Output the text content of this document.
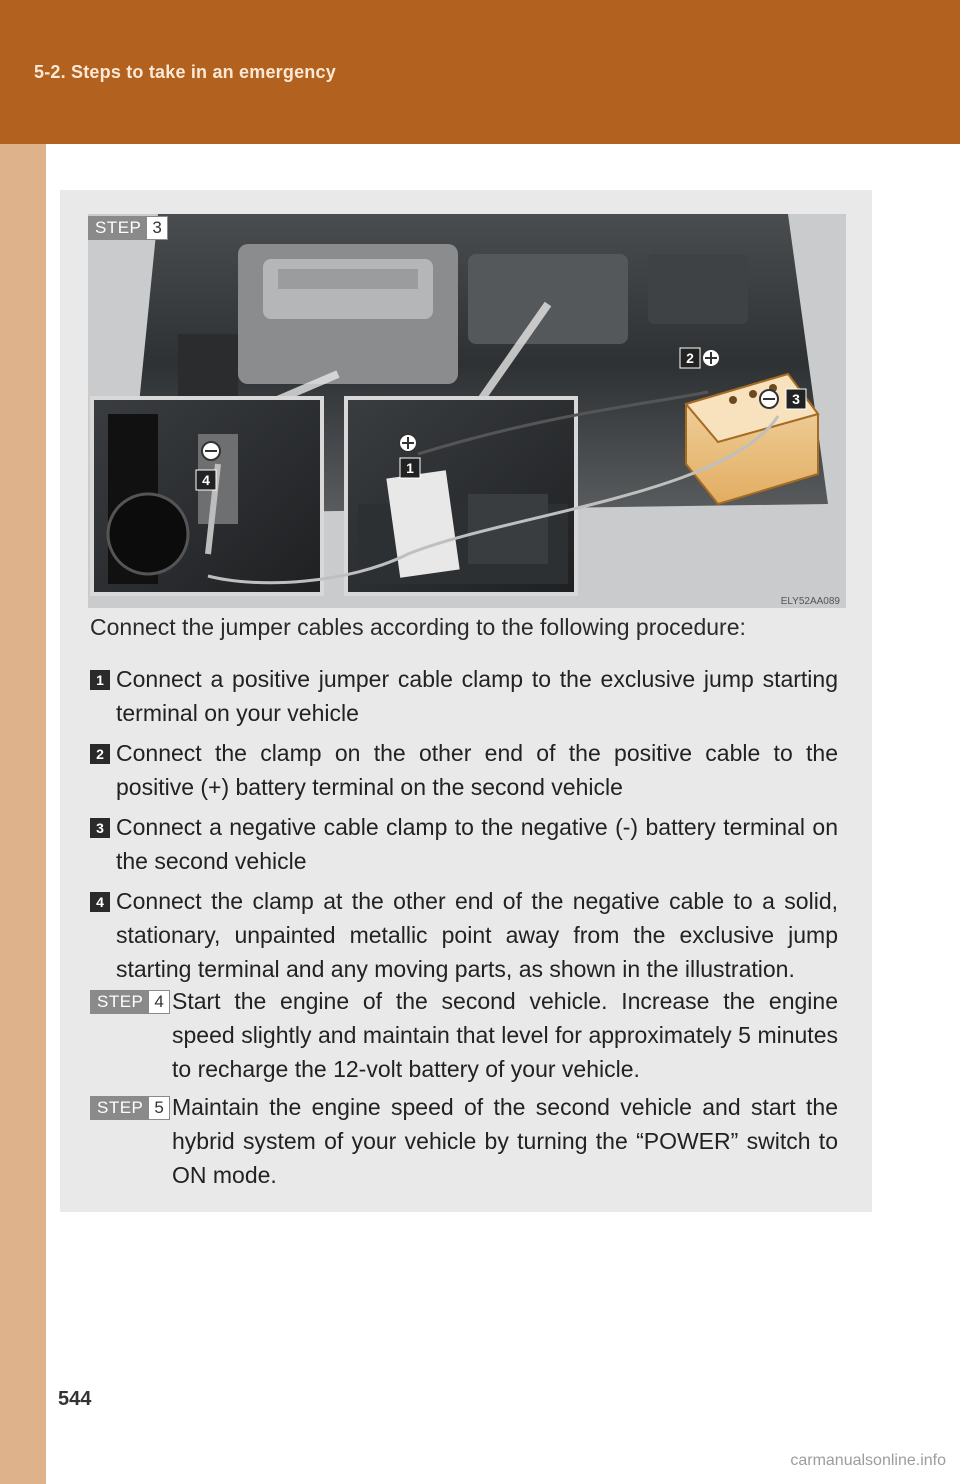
5-2. Steps to take in an emergency
STEP 3
1
2
3
4
ELY52AA089
Connect the jumper cables according to the following procedure:
1 Connect a positive jumper cable clamp to the exclusive jump starting terminal on your vehicle
2 Connect the clamp on the other end of the positive cable to the positive (+) battery terminal on the second vehicle
3 Connect a negative cable clamp to the negative (-) battery terminal on the second vehicle
4 Connect the clamp at the other end of the negative cable to a solid, stationary, unpainted metallic point away from the exclusive jump starting terminal and any moving parts, as shown in the illustration.
STEP 4 Start the engine of the second vehicle. Increase the engine speed slightly and maintain that level for approximately 5 minutes to recharge the 12-volt battery of your vehicle.
STEP 5 Maintain the engine speed of the second vehicle and start the hybrid system of your vehicle by turning the “POWER” switch to ON mode.
544
carmanualsonline.info
